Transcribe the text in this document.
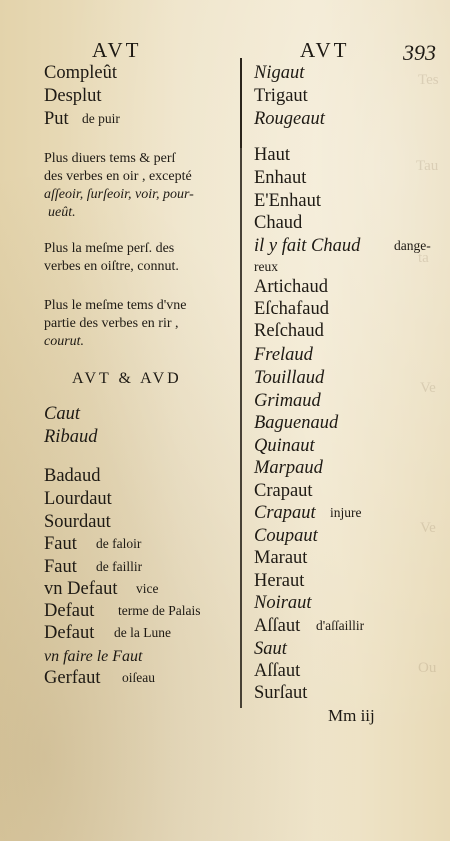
Tes
Tau
ta
Ve
Ve
Ou
AVT	AVT 393
Compleût
Desplut
Put de puir
Plus diuers tems & perſ
des verbes en oir , excepté
aſſeoir, ſurſeoir, voir, pour-
ueût.
Plus la meſme perſ. des
verbes en oiſtre, connut.
Plus le meſme tems d'vne
partie des verbes en rir ,
courut.
AVT & AVD
Caut
Ribaud
Badaud
Lourdaut
Sourdaut
Faut de faloir
Faut de faillir
vn Defaut vice
Defaut terme de Palais
Defaut de la Lune
vn faire le Faut
Gerfaut oiſeau
Nigaut
Trigaut
Rougeaut
Haut
Enhaut
E'Enhaut
Chaud
il y fait Chaud dange-
reux
Artichaud
Eſchafaud
Reſchaud
Frelaud
Touillaud
Grimaud
Baguenaud
Quinaut
Marpaud
Crapaut
Crapaut injure
Coupaut
Maraut
Heraut
Noiraut
Aſſaut d'aſſaillir
Saut
Aſſaut
Surſaut
Mm iij
